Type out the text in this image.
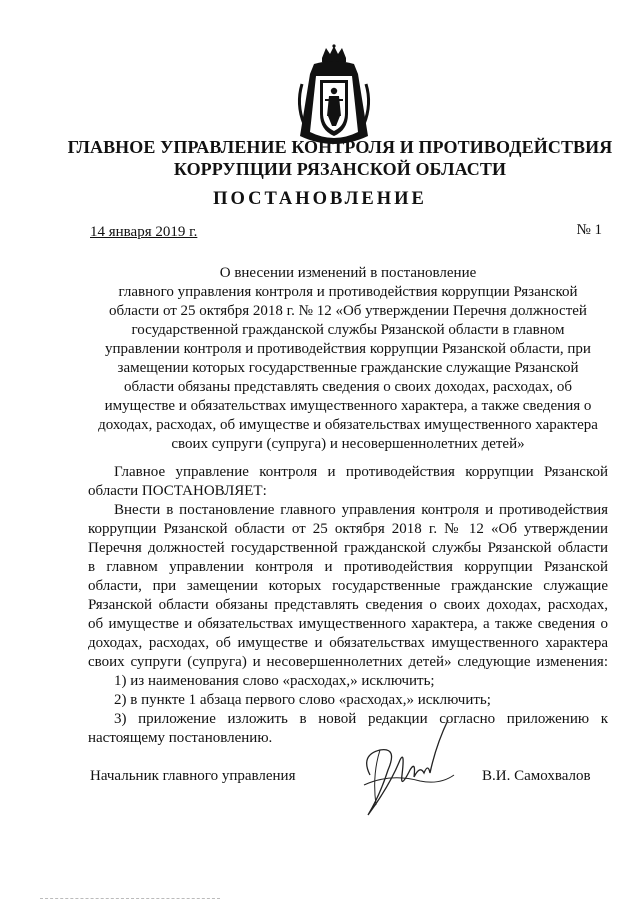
ГЛАВНОЕ УПРАВЛЕНИЕ КОНТРОЛЯ И ПРОТИВОДЕЙСТВИЯ
КОРРУПЦИИ РЯЗАНСКОЙ ОБЛАСТИ
ПОСТАНОВЛЕНИЕ
14 января 2019 г.	№ 1
О внесении изменений в постановление
главного управления контроля и противодействия коррупции Рязанской
области от 25 октября 2018 г. № 12 «Об утверждении Перечня должностей
государственной гражданской службы Рязанской области в главном
управлении контроля и противодействия коррупции Рязанской области, при
замещении которых государственные гражданские служащие Рязанской
области обязаны представлять сведения о своих доходах, расходах, об
имуществе и обязательствах имущественного характера, а также сведения о
доходах, расходах, об имуществе и обязательствах имущественного характера
своих супруги (супруга) и несовершеннолетних детей»
Главное управление контроля и противодействия коррупции Рязанской
области ПОСТАНОВЛЯЕТ:
Внести в постановление главного управления контроля и противодействия
коррупции Рязанской области от 25 октября 2018 г. № 12 «Об утверждении
Перечня должностей государственной гражданской службы Рязанской области
в главном управлении контроля и противодействия коррупции Рязанской
области, при замещении которых государственные гражданские служащие
Рязанской области обязаны представлять сведения о своих доходах, расходах,
об имуществе и обязательствах имущественного характера, а также сведения о
доходах, расходах, об имуществе и обязательствах имущественного характера
своих супруги (супруга) и несовершеннолетних детей» следующие изменения:
1) из наименования слово «расходах,» исключить;
2) в пункте 1 абзаца первого слово «расходах,» исключить;
3) приложение изложить в новой редакции согласно приложению к
настоящему постановлению.
Начальник главного управления	В.И. Самохвалов
